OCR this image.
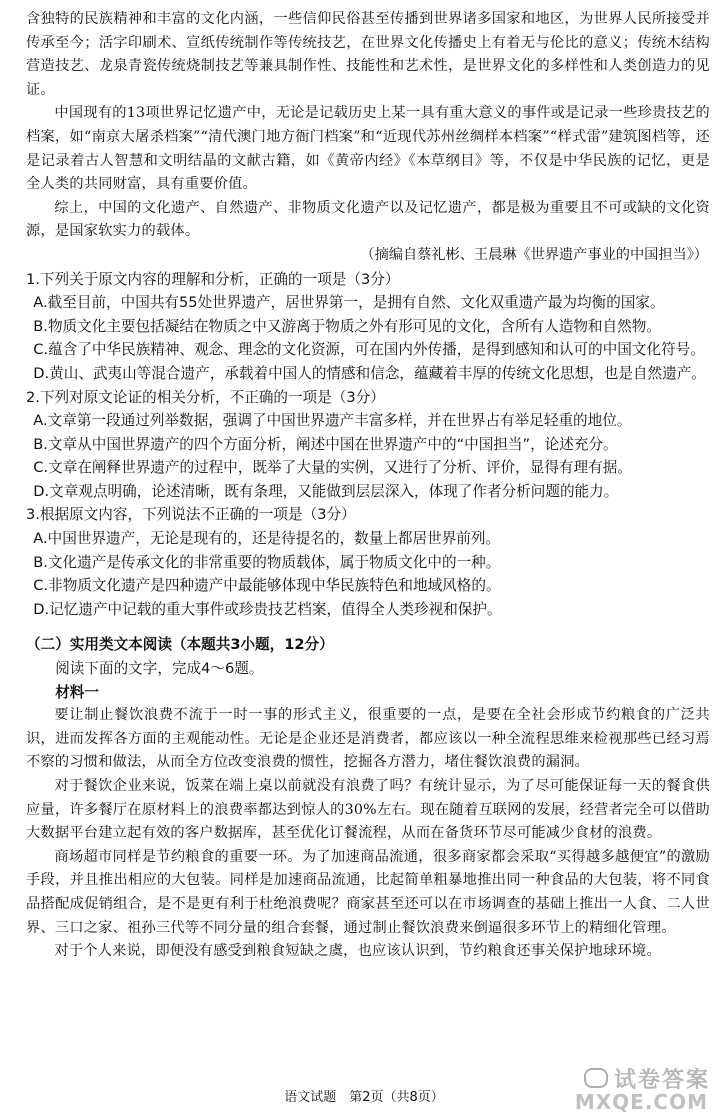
含独特的民族精神和丰富的文化内涵，一些信仰民俗甚至传播到世界诸多国家和地区，为世界人民所接受并传承至今；活字印刷术、宣纸传统制作等传统技艺，在世界文化传播史上有着无与伦比的意义；传统木结构营造技艺、龙泉青瓷传统烧制技艺等兼具制作性、技能性和艺术性，是世界文化的多样性和人类创造力的见证。

中国现有的13项世界记忆遗产中，无论是记载历史上某一具有重大意义的事件或是记录一些珍贵技艺的档案，如“南京大屠杀档案”“清代澳门地方衙门档案”和“近现代苏州丝绸样本档案”“样式雷”建筑图档等，还是记录着古人智慧和文明结晶的文献古籍，如《黄帝内经》《本草纲目》等，不仅是中华民族的记忆，更是全人类的共同财富，具有重要价值。

综上，中国的文化遗产、自然遗产、非物质文化遗产以及记忆遗产，都是极为重要且不可或缺的文化资源，是国家软实力的载体。

（摘编自蔡礼彬、王晨琳《世界遗产事业的中国担当》）

1.下列关于原文内容的理解和分析，正确的一项是（3分）

A.截至目前，中国共有55处世界遗产，居世界第一，是拥有自然、文化双重遗产最为均衡的国家。

B.物质文化主要包括凝结在物质之中又游离于物质之外有形可见的文化，含所有人造物和自然物。

C.蕴含了中华民族精神、观念、理念的文化资源，可在国内外传播，是得到感知和认可的中国文化符号。

D.黄山、武夷山等混合遗产，承载着中国人的情感和信念，蕴藏着丰厚的传统文化思想，也是自然遗产。

2.下列对原文论证的相关分析，不正确的一项是（3分）

A.文章第一段通过列举数据，强调了中国世界遗产丰富多样，并在世界占有举足轻重的地位。

B.文章从中国世界遗产的四个方面分析，阐述中国在世界遗产中的“中国担当”，论述充分。

C.文章在阐释世界遗产的过程中，既举了大量的实例，又进行了分析、评价，显得有理有据。

D.文章观点明确，论述清晰，既有条理，又能做到层层深入，体现了作者分析问题的能力。

3.根据原文内容，下列说法不正确的一项是（3分）

A.中国世界遗产，无论是现有的，还是待提名的，数量上都居世界前列。

B.文化遗产是传承文化的非常重要的物质载体，属于物质文化中的一种。

C.非物质文化遗产是四种遗产中最能够体现中华民族特色和地域风格的。

D.记忆遗产中记载的重大事件或珍贵技艺档案，值得全人类珍视和保护。

（二）实用类文本阅读（本题共3小题，12分）

阅读下面的文字，完成4～6题。

材料一

要让制止餐饮浪费不流于一时一事的形式主义，很重要的一点，是要在全社会形成节约粮食的广泛共识，进而发挥各方面的主观能动性。无论是企业还是消费者，都应该以一种全流程思维来检视那些已经习焉不察的习惯和做法，从而全方位改变浪费的惯性，挖掘各方潜力，堵住餐饮浪费的漏洞。

对于餐饮企业来说，饭菜在端上桌以前就没有浪费了吗？有统计显示，为了尽可能保证每一天的餐食供应量，许多餐厅在原材料上的浪费率都达到惊人的30%左右。现在随着互联网的发展，经营者完全可以借助大数据平台建立起有效的客户数据库，甚至优化订餐流程，从而在备货环节尽可能减少食材的浪费。

商场超市同样是节约粮食的重要一环。为了加速商品流通，很多商家都会采取“买得越多越便宜”的激励手段，并且推出相应的大包装。同样是加速商品流通，比起简单粗暴地推出同一种食品的大包装，将不同食品搭配成促销组合，是不是更有利于杜绝浪费呢？商家甚至还可以在市场调查的基础上推出一人食、二人世界、三口之家、祖孙三代等不同分量的组合套餐，通过制止餐饮浪费来倒逼很多环节上的精细化管理。

对于个人来说，即便没有感受到粮食短缺之虞，也应该认识到，节约粮食还事关保护地球环境。

语文试题　第2页（共8页）
试卷答案
MXQE.COM
